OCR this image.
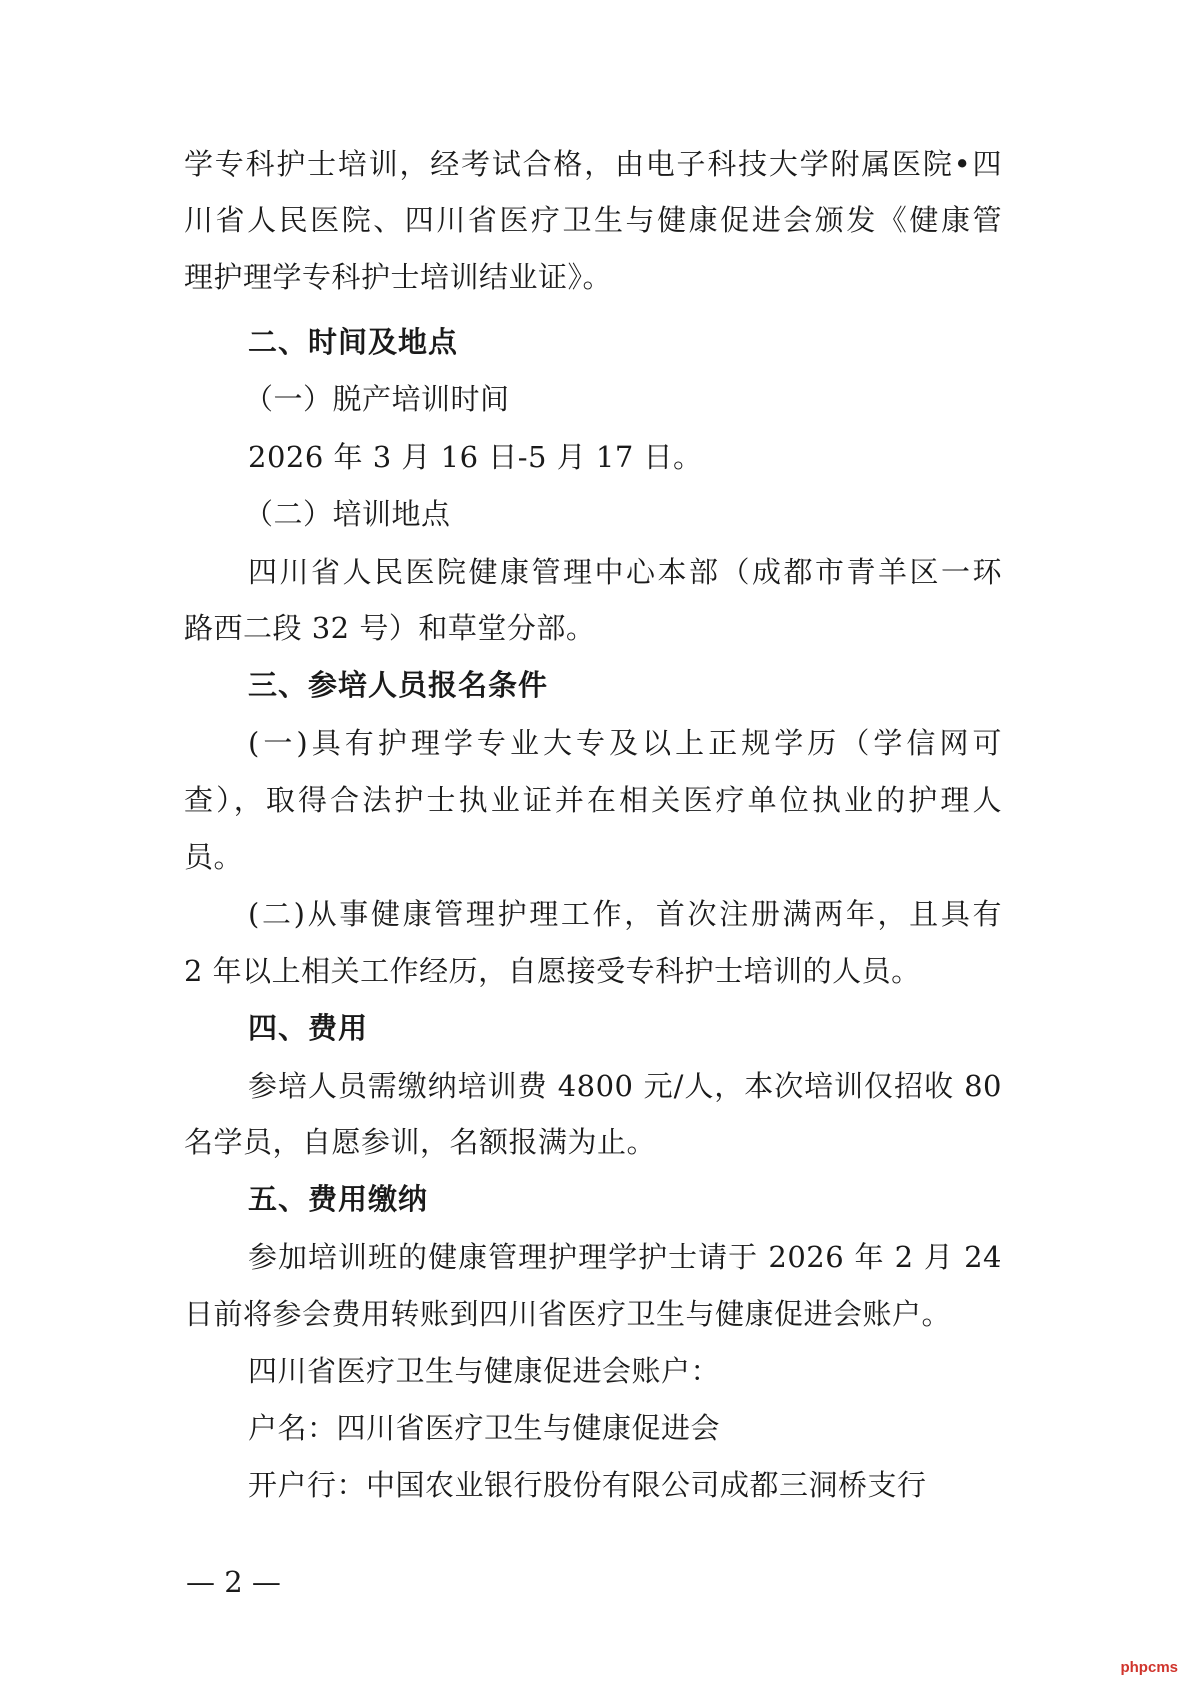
学专科护士培训，经考试合格，由电子科技大学附属医院•四
川省人民医院、四川省医疗卫生与健康促进会颁发《健康管
理护理学专科护士培训结业证》。
二、时间及地点
（一）脱产培训时间
2026 年 3 月 16 日-5 月 17 日。
（二）培训地点
四川省人民医院健康管理中心本部（成都市青羊区一环
路西二段 32 号）和草堂分部。
三、参培人员报名条件
(一)具有护理学专业大专及以上正规学历（学信网可
查），取得合法护士执业证并在相关医疗单位执业的护理人
员。
(二)从事健康管理护理工作，首次注册满两年，且具有
2 年以上相关工作经历，自愿接受专科护士培训的人员。
四、费用
参培人员需缴纳培训费 4800 元/人，本次培训仅招收 80
名学员，自愿参训，名额报满为止。
五、费用缴纳
参加培训班的健康管理护理学护士请于 2026 年 2 月 24
日前将参会费用转账到四川省医疗卫生与健康促进会账户。
四川省医疗卫生与健康促进会账户：
户名：四川省医疗卫生与健康促进会
开户行：中国农业银行股份有限公司成都三洞桥支行
— 2 —
phpcms
